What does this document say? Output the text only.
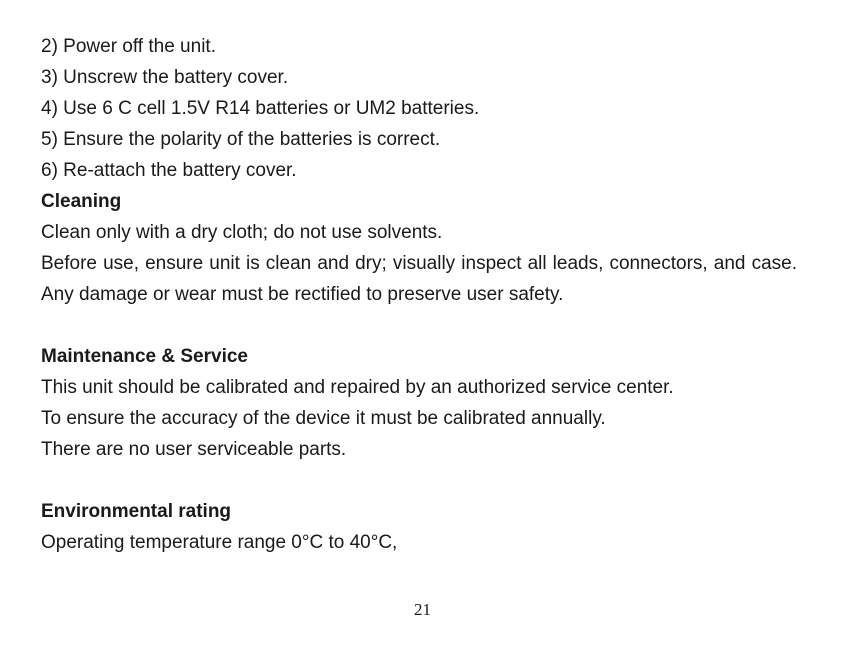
2) Power off the unit.
3) Unscrew the battery cover.
4) Use 6 C cell 1.5V R14 batteries or UM2 batteries.
5) Ensure the polarity of the batteries is correct.
6) Re-attach the battery cover.
Cleaning
Clean only with a dry cloth; do not use solvents.
Before use, ensure unit is clean and dry; visually inspect all leads, connectors, and case. Any damage or wear must be rectified to preserve user safety.
Maintenance & Service
This unit should be calibrated and repaired by an authorized service center.
To ensure the accuracy of the device it must be calibrated annually.
There are no user serviceable parts.
Environmental rating
Operating temperature range 0°C to 40°C,
21
